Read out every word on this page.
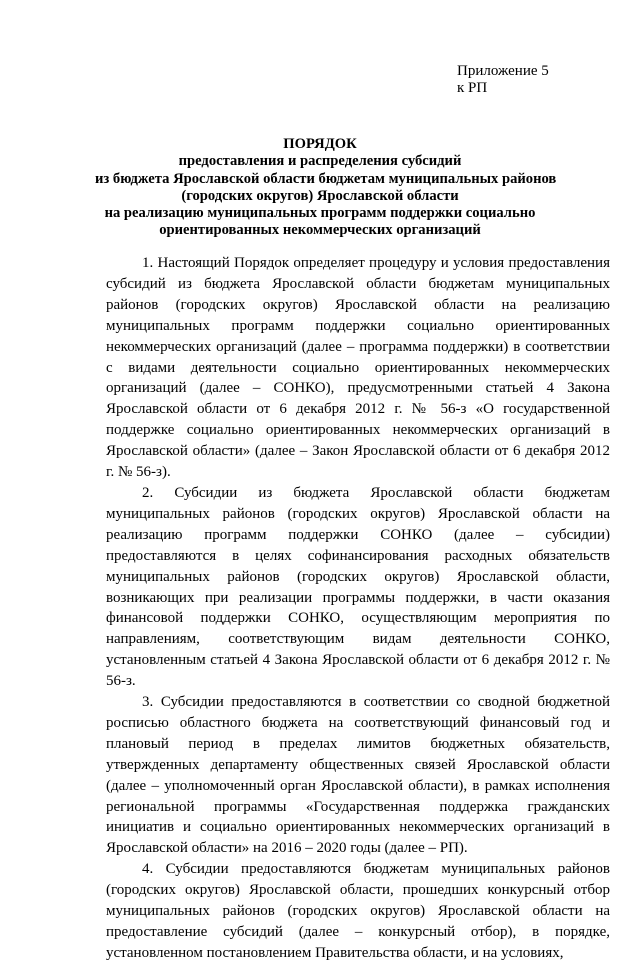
Приложение 5
к РП
ПОРЯДОК
предоставления и распределения субсидий
из бюджета Ярославской области бюджетам муниципальных районов
(городских округов) Ярославской области
на реализацию муниципальных программ поддержки социально
ориентированных некоммерческих организаций

1. Настоящий Порядок определяет процедуру и условия предоставления субсидий из бюджета Ярославской области бюджетам муниципальных районов (городских округов) Ярославской области на реализацию муниципальных программ поддержки социально ориентированных некоммерческих организаций (далее – программа поддержки) в соответствии с видами деятельности социально ориентированных некоммерческих организаций (далее – СОНКО), предусмотренными статьей 4 Закона Ярославской области от 6 декабря 2012 г. № 56-з «О государственной поддержке социально ориентированных некоммерческих организаций в Ярославской области» (далее – Закон Ярославской области от 6 декабря 2012 г. № 56-з).

2. Субсидии из бюджета Ярославской области бюджетам муниципальных районов (городских округов) Ярославской области на реализацию программ поддержки СОНКО (далее – субсидии) предоставляются в целях софинансирования расходных обязательств муниципальных районов (городских округов) Ярославской области, возникающих при реализации программы поддержки, в части оказания финансовой поддержки СОНКО, осуществляющим мероприятия по направлениям, соответствующим видам деятельности СОНКО, установленным статьей 4 Закона Ярославской области от 6 декабря 2012 г. № 56-з.

3. Субсидии предоставляются в соответствии со сводной бюджетной росписью областного бюджета на соответствующий финансовый год и плановый период в пределах лимитов бюджетных обязательств, утвержденных департаменту общественных связей Ярославской области (далее – уполномоченный орган Ярославской области), в рамках исполнения региональной программы «Государственная поддержка гражданских инициатив и социально ориентированных некоммерческих организаций в Ярославской области» на 2016 – 2020 годы (далее – РП).

4. Субсидии предоставляются бюджетам муниципальных районов (городских округов) Ярославской области, прошедших конкурсный отбор муниципальных районов (городских округов) Ярославской области на предоставление субсидий (далее – конкурсный отбор), в порядке, установленном постановлением Правительства области, и на условиях,
